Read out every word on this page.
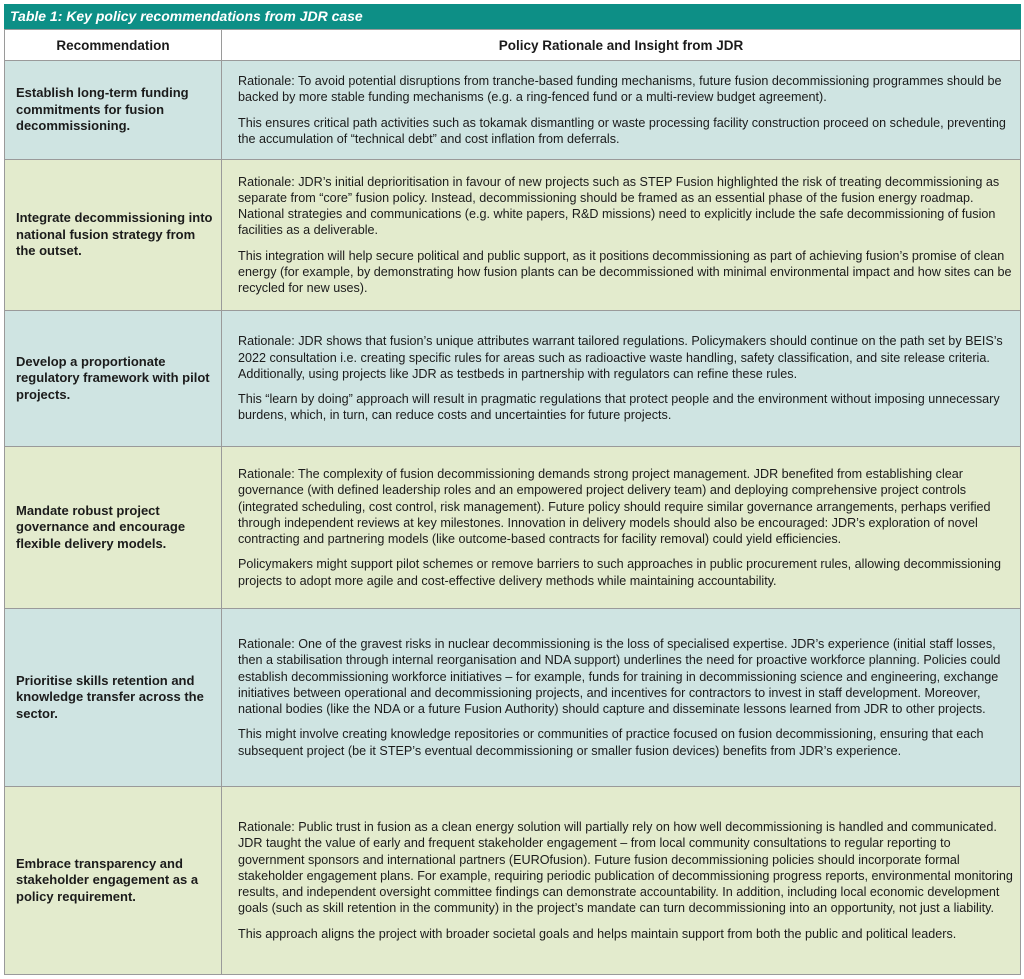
Table 1: Key policy recommendations from JDR case
Recommendation	Policy Rationale and Insight from JDR
Establish long-term funding commitments for fusion decommissioning.	Rationale: To avoid potential disruptions from tranche-based funding mechanisms, future fusion decommissioning programmes should be backed by more stable funding mechanisms (e.g. a ring-fenced fund or a multi-review budget agreement).

This ensures critical path activities such as tokamak dismantling or waste processing facility construction proceed on schedule, preventing the accumulation of “technical debt” and cost inflation from deferrals.

Integrate decommissioning into national fusion strategy from the outset.	Rationale: JDR’s initial deprioritisation in favour of new projects such as STEP Fusion highlighted the risk of treating decommissioning as separate from “core” fusion policy. Instead, decommissioning should be framed as an essential phase of the fusion energy roadmap. National strategies and communications (e.g. white papers, R&D missions) need to explicitly include the safe decommissioning of fusion facilities as a deliverable.

This integration will help secure political and public support, as it positions decommissioning as part of achieving fusion’s promise of clean energy (for example, by demonstrating how fusion plants can be decommissioned with minimal environmental impact and how sites can be recycled for new uses).

Develop a proportionate regulatory framework with pilot projects.	Rationale: JDR shows that fusion’s unique attributes warrant tailored regulations. Policymakers should continue on the path set by BEIS’s 2022 consultation i.e. creating specific rules for areas such as radioactive waste handling, safety classification, and site release criteria. Additionally, using projects like JDR as testbeds in partnership with regulators can refine these rules.

This “learn by doing” approach will result in pragmatic regulations that protect people and the environment without imposing unnecessary burdens, which, in turn, can reduce costs and uncertainties for future projects.

Mandate robust project governance and encourage flexible delivery models.	Rationale: The complexity of fusion decommissioning demands strong project management. JDR benefited from establishing clear governance (with defined leadership roles and an empowered project delivery team) and deploying comprehensive project controls (integrated scheduling, cost control, risk management). Future policy should require similar governance arrangements, perhaps verified through independent reviews at key milestones. Innovation in delivery models should also be encouraged: JDR’s exploration of novel contracting and partnering models (like outcome-based contracts for facility removal) could yield efficiencies.

Policymakers might support pilot schemes or remove barriers to such approaches in public procurement rules, allowing decommissioning projects to adopt more agile and cost-effective delivery methods while maintaining accountability.

Prioritise skills retention and knowledge transfer across the sector.	Rationale: One of the gravest risks in nuclear decommissioning is the loss of specialised expertise. JDR’s experience (initial staff losses, then a stabilisation through internal reorganisation and NDA support) underlines the need for proactive workforce planning. Policies could establish decommissioning workforce initiatives – for example, funds for training in decommissioning science and engineering, exchange initiatives between operational and decommissioning projects, and incentives for contractors to invest in staff development. Moreover, national bodies (like the NDA or a future Fusion Authority) should capture and disseminate lessons learned from JDR to other projects.

This might involve creating knowledge repositories or communities of practice focused on fusion decommissioning, ensuring that each subsequent project (be it STEP’s eventual decommissioning or smaller fusion devices) benefits from JDR’s experience.

Embrace transparency and stakeholder engagement as a policy requirement.	Rationale: Public trust in fusion as a clean energy solution will partially rely on how well decommissioning is handled and communicated. JDR taught the value of early and frequent stakeholder engagement – from local community consultations to regular reporting to government sponsors and international partners (EUROfusion). Future fusion decommissioning policies should incorporate formal stakeholder engagement plans. For example, requiring periodic publication of decommissioning progress reports, environmental monitoring results, and independent oversight committee findings can demonstrate accountability. In addition, including local economic development goals (such as skill retention in the community) in the project’s mandate can turn decommissioning into an opportunity, not just a liability.

This approach aligns the project with broader societal goals and helps maintain support from both the public and political leaders.
